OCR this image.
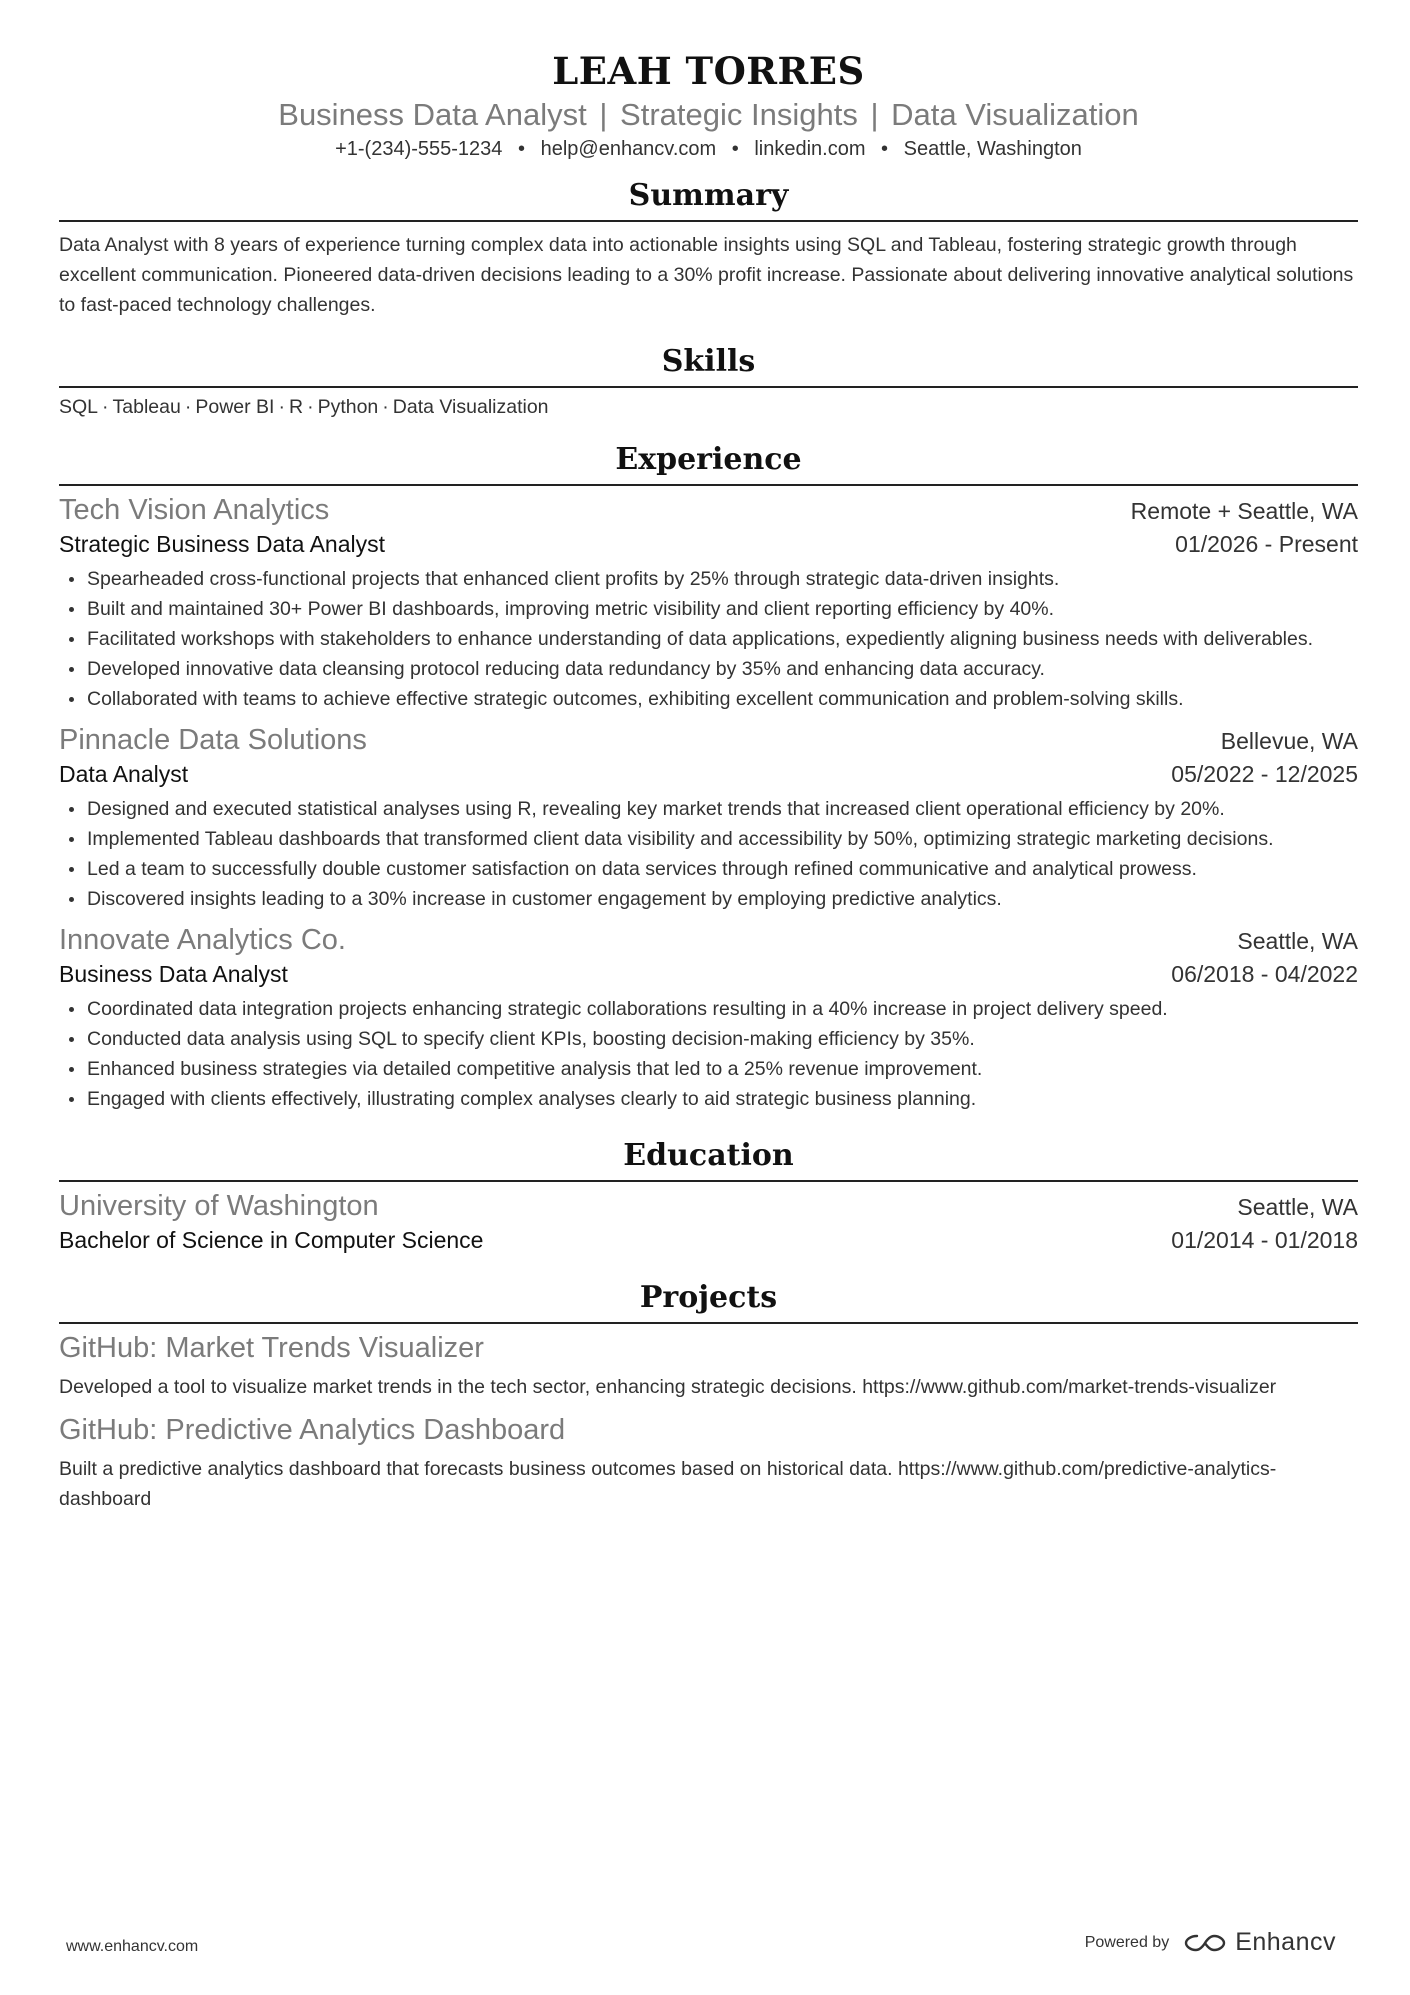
LEAH TORRES
Business Data Analyst | Strategic Insights | Data Visualization
+1-(234)-555-1234 • help@enhancv.com • linkedin.com • Seattle, Washington
Summary
Data Analyst with 8 years of experience turning complex data into actionable insights using SQL and Tableau, fostering strategic growth through excellent communication. Pioneered data-driven decisions leading to a 30% profit increase. Passionate about delivering innovative analytical solutions to fast-paced technology challenges.
Skills
SQL · Tableau · Power BI · R · Python · Data Visualization
Experience
Tech Vision Analytics	Remote + Seattle, WA
Strategic Business Data Analyst	01/2026 - Present
Spearheaded cross-functional projects that enhanced client profits by 25% through strategic data-driven insights.
Built and maintained 30+ Power BI dashboards, improving metric visibility and client reporting efficiency by 40%.
Facilitated workshops with stakeholders to enhance understanding of data applications, expediently aligning business needs with deliverables.
Developed innovative data cleansing protocol reducing data redundancy by 35% and enhancing data accuracy.
Collaborated with teams to achieve effective strategic outcomes, exhibiting excellent communication and problem-solving skills.
Pinnacle Data Solutions	Bellevue, WA
Data Analyst	05/2022 - 12/2025
Designed and executed statistical analyses using R, revealing key market trends that increased client operational efficiency by 20%.
Implemented Tableau dashboards that transformed client data visibility and accessibility by 50%, optimizing strategic marketing decisions.
Led a team to successfully double customer satisfaction on data services through refined communicative and analytical prowess.
Discovered insights leading to a 30% increase in customer engagement by employing predictive analytics.
Innovate Analytics Co.	Seattle, WA
Business Data Analyst	06/2018 - 04/2022
Coordinated data integration projects enhancing strategic collaborations resulting in a 40% increase in project delivery speed.
Conducted data analysis using SQL to specify client KPIs, boosting decision-making efficiency by 35%.
Enhanced business strategies via detailed competitive analysis that led to a 25% revenue improvement.
Engaged with clients effectively, illustrating complex analyses clearly to aid strategic business planning.
Education
University of Washington	Seattle, WA
Bachelor of Science in Computer Science	01/2014 - 01/2018
Projects
GitHub: Market Trends Visualizer
Developed a tool to visualize market trends in the tech sector, enhancing strategic decisions. https://www.github.com/market-trends-visualizer
GitHub: Predictive Analytics Dashboard
Built a predictive analytics dashboard that forecasts business outcomes based on historical data. https://www.github.com/predictive-analytics-dashboard
www.enhancv.com	Powered by	Enhancv
